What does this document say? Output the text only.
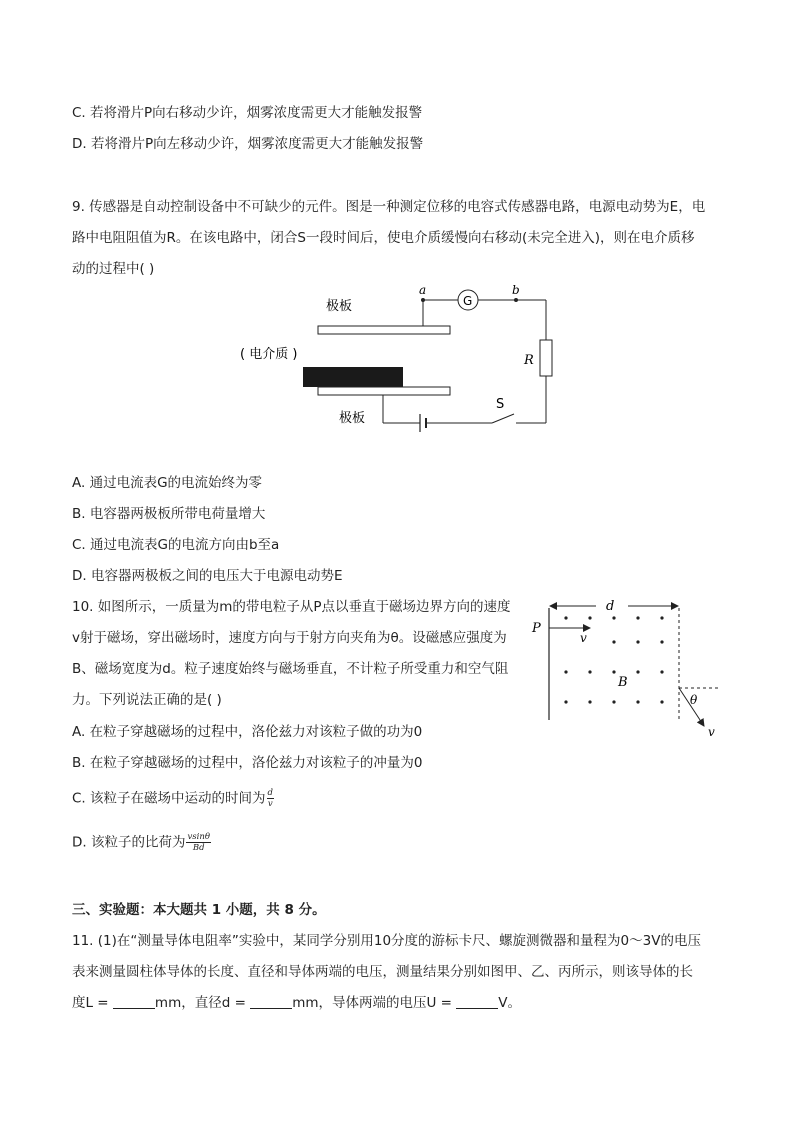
C. 若将滑片P向右移动少许，烟雾浓度需更大才能触发报警
D. 若将滑片P向左移动少许，烟雾浓度需更大才能触发报警
9. 传感器是自动控制设备中不可缺少的元件。图是一种测定位移的电容式传感器电路，电源电动势为E，电
路中电阻阻值为R。在该电路中，闭合S一段时间后，使电介质缓慢向右移动(未完全进入)，则在电介质移
动的过程中( )
极板	G
a	b
R
( 电介质 )
极板
S
A. 通过电流表G的电流始终为零
B. 电容器两极板所带电荷量增大
C. 通过电流表G的电流方向由b至a
D. 电容器两极板之间的电压大于电源电动势E
10. 如图所示，一质量为m的带电粒子从P点以垂直于磁场边界方向的速度
v射于磁场，穿出磁场时，速度方向与于射方向夹角为θ。设磁感应强度为
B、磁场宽度为d。粒子速度始终与磁场垂直，不计粒子所受重力和空气阻
力。下列说法正确的是( )
d
P
v
B
θ
v
A. 在粒子穿越磁场的过程中，洛伦兹力对该粒子做的功为0
B. 在粒子穿越磁场的过程中，洛伦兹力对该粒子的冲量为0
C. 该粒子在磁场中运动的时间为 $\frac{d}{v}$
D. 该粒子的比荷为 $\frac{vsin\theta}{Bd}$
三、实验题：本大题共 1 小题，共 8 分。
11. (1)在“测量导体电阻率”实验中，某同学分别用10分度的游标卡尺、螺旋测微器和量程为0～3V的电压
表来测量圆柱体导体的长度、直径和导体两端的电压，测量结果分别如图甲、乙、丙所示，则该导体的长
度L =	mm，直径d =	mm，导体两端的电压U =	V。
